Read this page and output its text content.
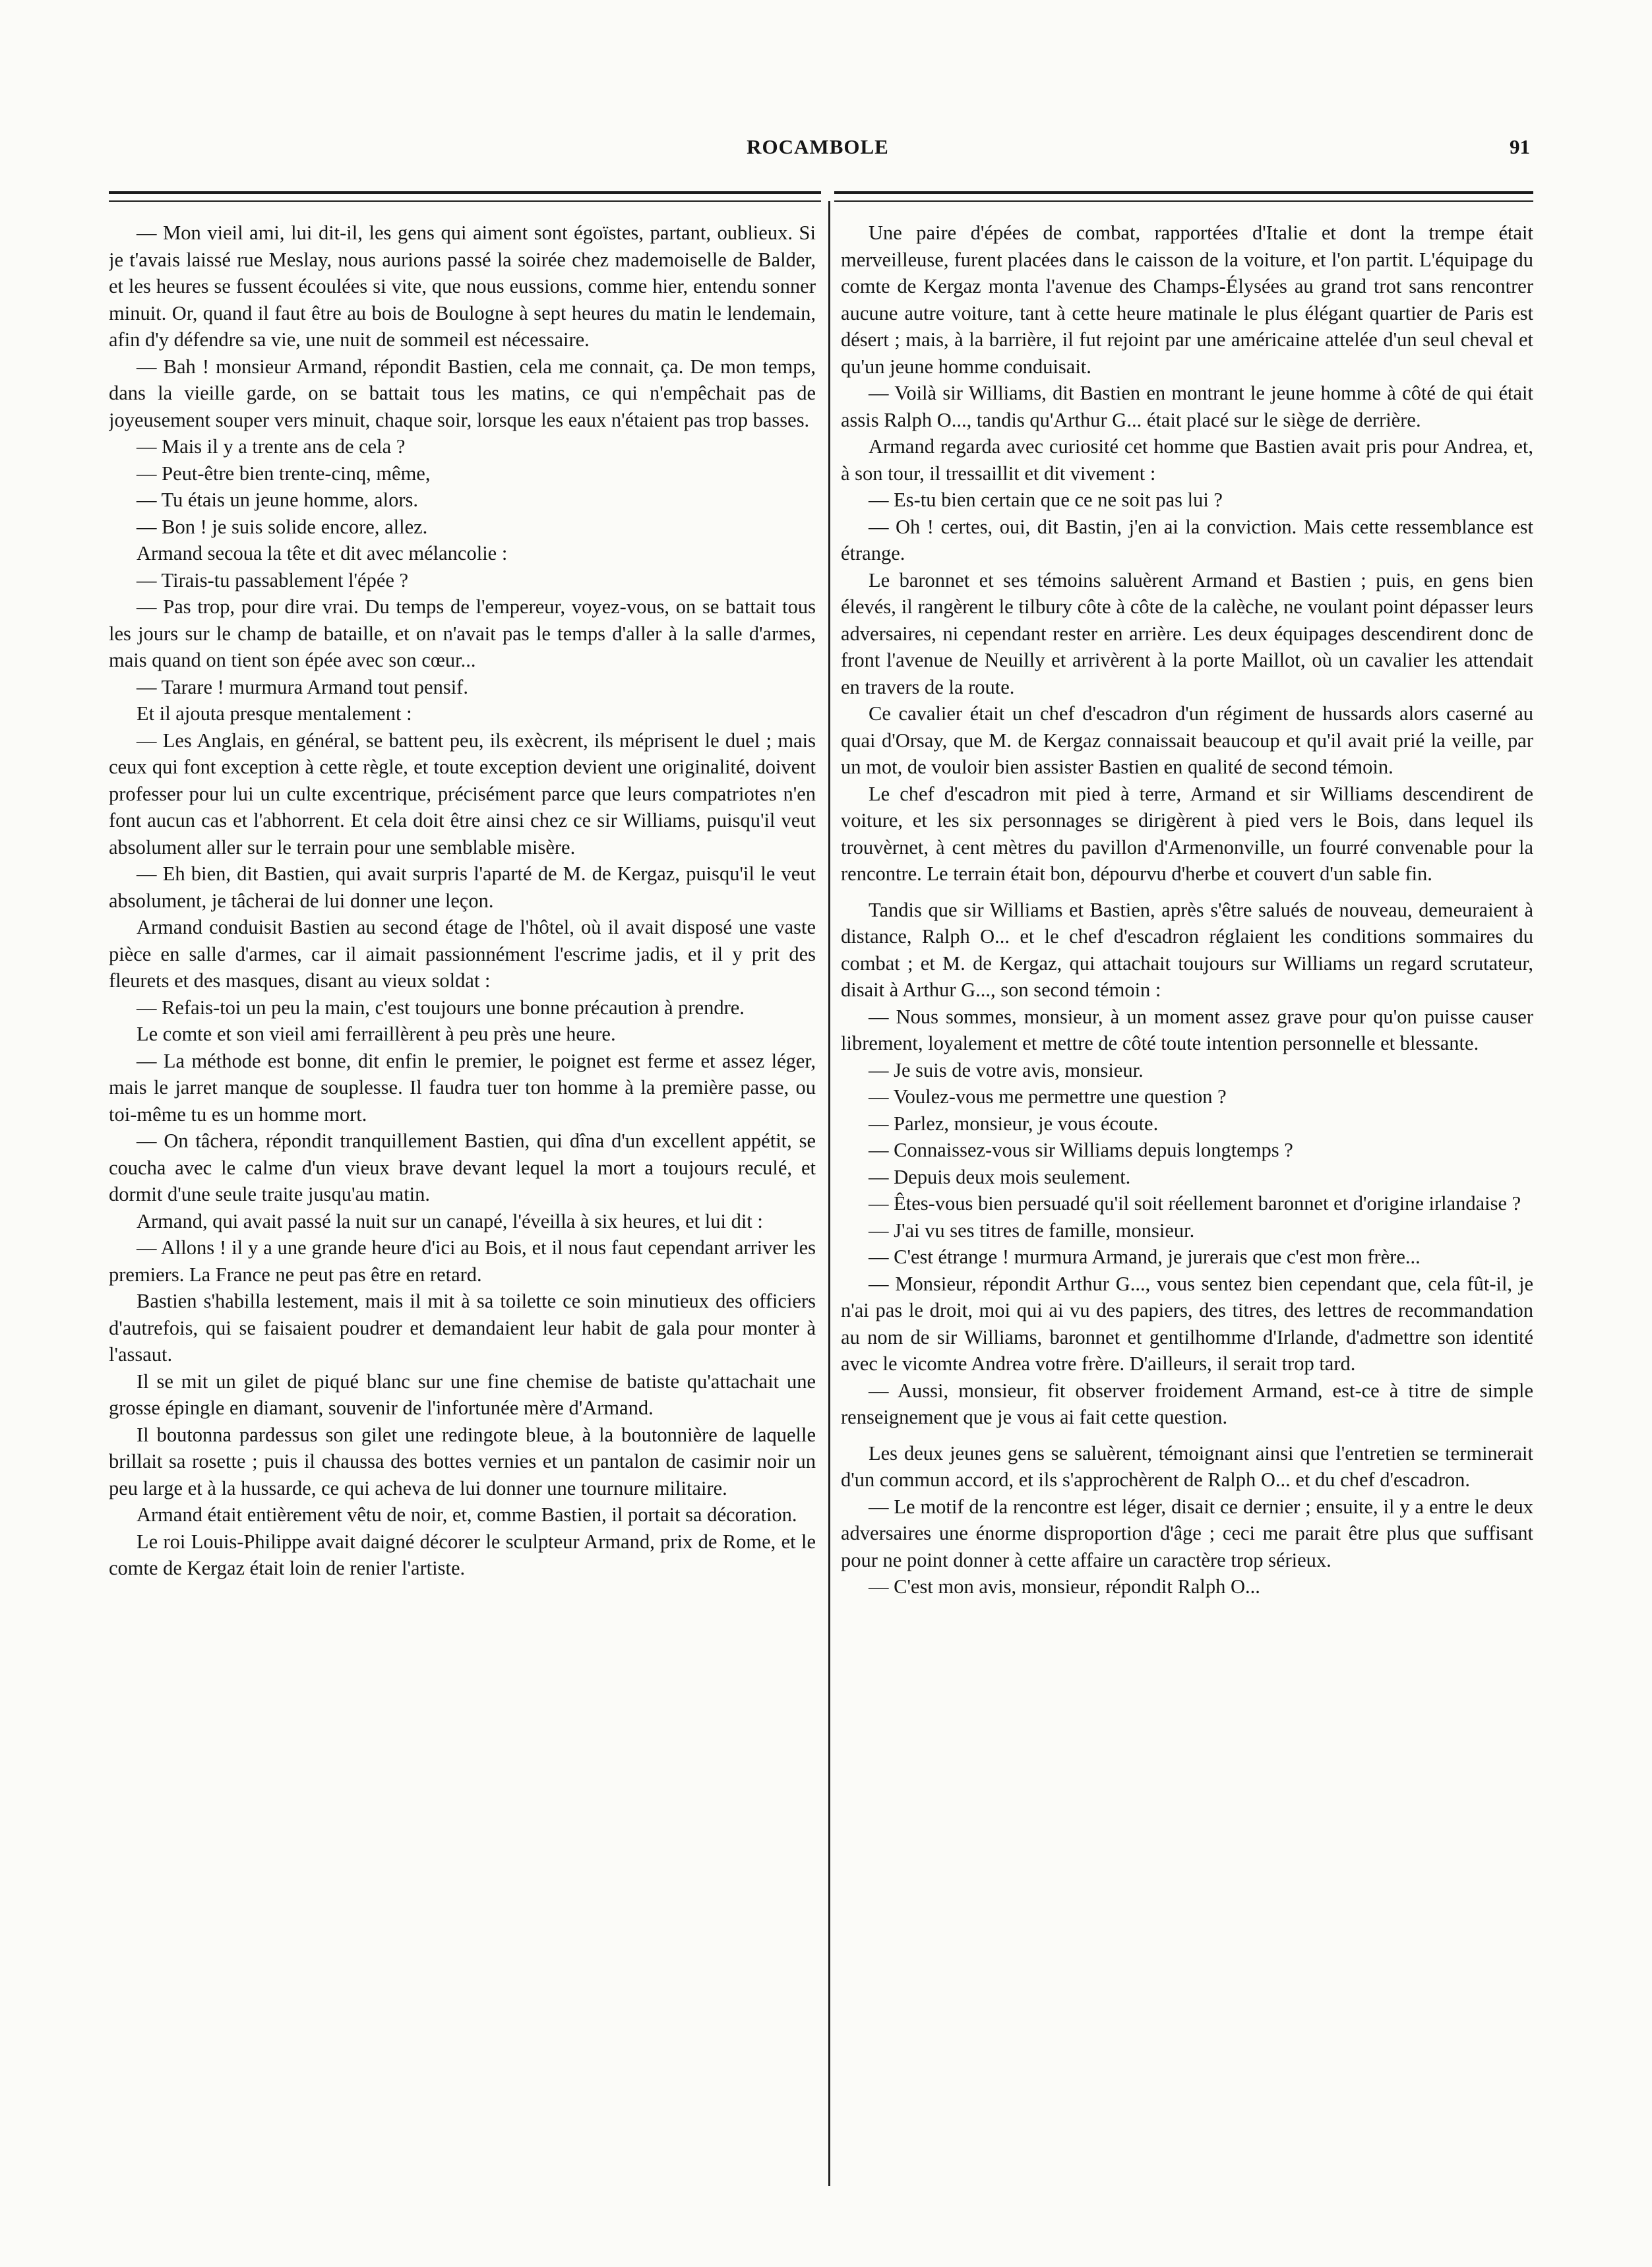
ROCAMBOLE	91

— Mon vieil ami, lui dit-il, les gens qui aiment sont égoïstes, partant, oublieux. Si je t'avais laissé rue Meslay, nous aurions passé la soirée chez mademoiselle de Balder, et les heures se fussent écoulées si vite, que nous eussions, comme hier, entendu sonner minuit. Or, quand il faut être au bois de Boulogne à sept heures du matin le lendemain, afin d'y défendre sa vie, une nuit de sommeil est nécessaire.

— Bah ! monsieur Armand, répondit Bastien, cela me connait, ça. De mon temps, dans la vieille garde, on se battait tous les matins, ce qui n'empêchait pas de joyeusement souper vers minuit, chaque soir, lorsque les eaux n'étaient pas trop basses.

— Mais il y a trente ans de cela ?

— Peut-être bien trente-cinq, même,

— Tu étais un jeune homme, alors.

— Bon ! je suis solide encore, allez.

Armand secoua la tête et dit avec mélancolie :

— Tirais-tu passablement l'épée ?

— Pas trop, pour dire vrai. Du temps de l'empereur, voyez-vous, on se battait tous les jours sur le champ de bataille, et on n'avait pas le temps d'aller à la salle d'armes, mais quand on tient son épée avec son cœur...

— Tarare ! murmura Armand tout pensif.

Et il ajouta presque mentalement :

— Les Anglais, en général, se battent peu, ils exècrent, ils méprisent le duel ; mais ceux qui font exception à cette règle, et toute exception devient une originalité, doivent professer pour lui un culte excentrique, précisément parce que leurs compatriotes n'en font aucun cas et l'abhorrent. Et cela doit être ainsi chez ce sir Williams, puisqu'il veut absolument aller sur le terrain pour une semblable misère.

— Eh bien, dit Bastien, qui avait surpris l'aparté de M. de Kergaz, puisqu'il le veut absolument, je tâcherai de lui donner une leçon.

Armand conduisit Bastien au second étage de l'hôtel, où il avait disposé une vaste pièce en salle d'armes, car il aimait passionnément l'escrime jadis, et il y prit des fleurets et des masques, disant au vieux soldat :

— Refais-toi un peu la main, c'est toujours une bonne précaution à prendre.

Le comte et son vieil ami ferraillèrent à peu près une heure.

— La méthode est bonne, dit enfin le premier, le poignet est ferme et assez léger, mais le jarret manque de souplesse. Il faudra tuer ton homme à la première passe, ou toi-même tu es un homme mort.

— On tâchera, répondit tranquillement Bastien, qui dîna d'un excellent appétit, se coucha avec le calme d'un vieux brave devant lequel la mort a toujours reculé, et dormit d'une seule traite jusqu'au matin.

Armand, qui avait passé la nuit sur un canapé, l'éveilla à six heures, et lui dit :

— Allons ! il y a une grande heure d'ici au Bois, et il nous faut cependant arriver les premiers. La France ne peut pas être en retard.

Bastien s'habilla lestement, mais il mit à sa toilette ce soin minutieux des officiers d'autrefois, qui se faisaient poudrer et demandaient leur habit de gala pour monter à l'assaut.

Il se mit un gilet de piqué blanc sur une fine chemise de batiste qu'attachait une grosse épingle en diamant, souvenir de l'infortunée mère d'Armand.

Il boutonna pardessus son gilet une redingote bleue, à la boutonnière de laquelle brillait sa rosette ; puis il chaussa des bottes vernies et un pantalon de casimir noir un peu large et à la hussarde, ce qui acheva de lui donner une tournure militaire.

Armand était entièrement vêtu de noir, et, comme Bastien, il portait sa décoration.

Le roi Louis-Philippe avait daigné décorer le sculpteur Armand, prix de Rome, et le comte de Kergaz était loin de renier l'artiste.

Une paire d'épées de combat, rapportées d'Italie et dont la trempe était merveilleuse, furent placées dans le caisson de la voiture, et l'on partit. L'équipage du comte de Kergaz monta l'avenue des Champs-Élysées au grand trot sans rencontrer aucune autre voiture, tant à cette heure matinale le plus élégant quartier de Paris est désert ; mais, à la barrière, il fut rejoint par une américaine attelée d'un seul cheval et qu'un jeune homme conduisait.

— Voilà sir Williams, dit Bastien en montrant le jeune homme à côté de qui était assis Ralph O..., tandis qu'Arthur G... était placé sur le siège de derrière.

Armand regarda avec curiosité cet homme que Bastien avait pris pour Andrea, et, à son tour, il tressaillit et dit vivement :

— Es-tu bien certain que ce ne soit pas lui ?

— Oh ! certes, oui, dit Bastin, j'en ai la conviction. Mais cette ressemblance est étrange.

Le baronnet et ses témoins saluèrent Armand et Bastien ; puis, en gens bien élevés, il rangèrent le tilbury côte à côte de la calèche, ne voulant point dépasser leurs adversaires, ni cependant rester en arrière. Les deux équipages descendirent donc de front l'avenue de Neuilly et arrivèrent à la porte Maillot, où un cavalier les attendait en travers de la route.

Ce cavalier était un chef d'escadron d'un régiment de hussards alors caserné au quai d'Orsay, que M. de Kergaz connaissait beaucoup et qu'il avait prié la veille, par un mot, de vouloir bien assister Bastien en qualité de second témoin.

Le chef d'escadron mit pied à terre, Armand et sir Williams descendirent de voiture, et les six personnages se dirigèrent à pied vers le Bois, dans lequel ils trouvèrnet, à cent mètres du pavillon d'Armenonville, un fourré convenable pour la rencontre. Le terrain était bon, dépourvu d'herbe et couvert d'un sable fin.

Tandis que sir Williams et Bastien, après s'être salués de nouveau, demeuraient à distance, Ralph O... et le chef d'escadron réglaient les conditions sommaires du combat ; et M. de Kergaz, qui attachait toujours sur Williams un regard scrutateur, disait à Arthur G..., son second témoin :

— Nous sommes, monsieur, à un moment assez grave pour qu'on puisse causer librement, loyalement et mettre de côté toute intention personnelle et blessante.

— Je suis de votre avis, monsieur.

— Voulez-vous me permettre une question ?

— Parlez, monsieur, je vous écoute.

— Connaissez-vous sir Williams depuis longtemps ?

— Depuis deux mois seulement.

— Êtes-vous bien persuadé qu'il soit réellement baronnet et d'origine irlandaise ?

— J'ai vu ses titres de famille, monsieur.

— C'est étrange ! murmura Armand, je jurerais que c'est mon frère...

— Monsieur, répondit Arthur G..., vous sentez bien cependant que, cela fût-il, je n'ai pas le droit, moi qui ai vu des papiers, des titres, des lettres de recommandation au nom de sir Williams, baronnet et gentilhomme d'Irlande, d'admettre son identité avec le vicomte Andrea votre frère. D'ailleurs, il serait trop tard.

— Aussi, monsieur, fit observer froidement Armand, est-ce à titre de simple renseignement que je vous ai fait cette question.

Les deux jeunes gens se saluèrent, témoignant ainsi que l'entretien se terminerait d'un commun accord, et ils s'approchèrent de Ralph O... et du chef d'escadron.

— Le motif de la rencontre est léger, disait ce dernier ; ensuite, il y a entre le deux adversaires une énorme disproportion d'âge ; ceci me parait être plus que suffisant pour ne point donner à cette affaire un caractère trop sérieux.

— C'est mon avis, monsieur, répondit Ralph O...
